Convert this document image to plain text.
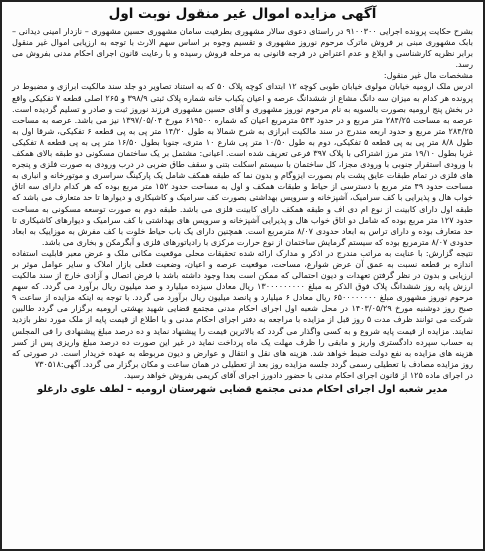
آگهی مزایده اموال غیر منقول نوبت اول

بشرح حکایت پرونده اجرایی ۹۱۰۰۳۰۰ در راستای دعوی سالار مشهوری بطرفیت سامان مشهوری حسین مشهوری – نازدار امینی دیدانی – بابک مشهوری مبنی بر فروش ماترک مرحوم نوروز مشهوری و تقسیم وجوه بر اساس سهم الارث با توجه به ارزیابی اموال غیر منقول برابر نظریه کارشناسی و ابلاغ و عدم اعتراض در فرجه قانونی به مرحله فروش رسیده و با رعایت قانون اجرای احکام مدنی بفروش می رسد.

مشخصات مال غیر منقول:

ادرس ملک ارومیه خیابان مولوی خیابان طوبی کوچه ۱۲ ابتدای کوچه پلاک ۵۰ که به استناد تصاویر دو جلد سند مالکیت ابرازی و مضبوط در پرونده هر کدام به میزان سه دانگ مشاع از ششدانگ عرصه و اعیان یکباب خانه شماره پلاک ثبتی ۳۹۸/۹ و ۲۶۵ اصلی قطعه ۷ تفکیکی واقع در بخش پنج ارومیه بصورت بالسویه به نام مرحوم نوروز مشهوری و آقای حسین مشهوری فرزند نوروز ثبت و صادر و تسلیم گردیده است. عرصه به مساحت ۲۸۴/۲۵ متر مربع و در حدود ۵۴۳ مترمربع اعیان که شماره ۶۱۹۵۰۰ مورخ ۱۳۹۷/۰۵/۰۴ نیز می باشد. عرصه به مساحت ۲۸۴/۲۵ متر مربع و حدود اربعه مندرج در سند مالکیت ابرازی به شرح شمالا به طول ۱۴/۲۰ متر پی به پی قطعه ۶ تفکیکی، شرقا اول به طول ۸/۸ متر پی به پی قطعه ۵ تفکیکی، دوم به طول ۱۰/۵۰ متر پی شارع ۱۰ متری، جنوبا بطول ۱۶/۵۰ متر پی به پی قطعه ۸ تفکیکی غربا بطول ۱۹/۱۰ متر مرز اشتراکی با پلاک ۳۹۷ فرعی تعریف شده است. اعیانی: مشتمل بر یک ساختمان مسکونی دو طبقه بالای همکف با ورودی استقرار جنوبی با ورودی مجزا، کل ساختمان با سیستم اسکلت بتنی و سقف طاق ضربی در درب ورودی به صورت فلزی و پنجره های فلزی در تمام طبقات عایق پشت بام بصورت ایزوگام و بدون نما که طبقه همکف شامل یک پارکینگ سراسری و موتورخانه و انباری به مساحت حدود ۴۹ متر مربع با دسترسی از حیاط و طبقات همکف و اول به مساحت حدود ۱۵۲ متر مربع بوده که هر کدام دارای سه اتاق خواب هال و پذیرایی با کف سرامیک، آشپزخانه و سرویس بهداشتی بصورت کف سرامیک و کاشیکاری و دیوارها تا حد متعارف می باشد که طبقه اول دارای کابینت از نوع ام دی اف و طبقه همکف دارای کابینت فلزی می باشد. طبقه دوم به صورت توسعه مسکونی به مساحت حدود ۱۲۷ متر مربع بوده که شامل دو اتاق خواب هال و پذیرایی آشپزخانه و سرویس های بهداشتی با کف سرامیک و دیوارهای کاشیکاری تا حد متعارف بوده و دارای تراس به ابعاد حدودی ۸/۰۷ مترمربع است. همچنین دارای یک باب حیاط خلوت با کف مفرش به موزاییک به ابعاد حدودی ۸/۰۷ مترمربع بوده که سیستم گرمایش ساختمان از نوع حرارت مرکزی با رادیاتورهای فلزی و آبگرمکن و بخاری می باشد.

نتیجه گزارش: با عنایت به مراتب مندرج در اذکر و مدارک ارائه شده تحقیقات محلی موقعیت مکانی ملک و عرض معبر قابلیت استفاده اندازه بر قطعه نسبت به عمق آن عرض شوارع، مساحت، موقعیت عرصه و اعیان، وضعیت فعلی بازار املاک و سایر عوامل موثر بر ارزیابی و بدون در نظر گرفتن تعهدات و دیون احتمالی که ممکن است بعدا وجود داشته باشد با فرض اتصال و آزادی خارج از سند مالکیت ارزش پایه روز ششدانگ پلاک فوق الذکر به مبلغ ۱۳۰۰۰۰۰۰۰۰۰ ریال معادل سیزده میلیارد و صد میلیون ریال برآورد می گردد. که سهم مرحوم نوروز مشهوری مبلغ ۶۵۰۰۰۰۰۰۰۰ ریال معادل ۶ میلیارد و پانصد میلیون ریال برآورد می گردد. با توجه به اینکه مزایده از ساعت ۹ صبح روز دوشنبه مورخ ۱۴۰۳/۰۵/۲۹ در محل شعبه اول اجرای احکام مدنی مجتمع قضایی شهید بهشتی ارومیه برگزار می گردد طالبین شرکت می توانند ظرف مدت ۵ روز قبل از مزایده با مراجعه به دفتر اجرای احکام مدنی و با اطلاع از قیمت پایه از ملک مورد نظر بازدید نمایند. مزایده از قیمت پایه شروع و به کسی واگذار می گردد که بالاترین قیمت را پیشنهاد نماید و ده درصد مبلغ پیشنهادی را فی المجلس به حساب سپرده دادگستری واریز و مابقی را ظرف مهلت یک ماه پرداخت نماید در غیر این صورت ده درصد مبلغ واریزی پس از کسر هزینه های مزایده به نفع دولت ضبط خواهد شد. هزینه های نقل و انتقال و عوارض و دیون مربوطه به عهده خریدار است. در صورتی که روز مزایده مصادف با تعطیلی رسمی گردد جلسه مزایده روز بعد از تعطیلی در همان ساعت و مکان برگزار می گردد. آگهی:۷۳۰۵۱۸

در اجرای ماده ۱۲۵ از قانون اجرای احکام مدنی با حضور دادورز اجرای آقای کریمی بفروش خواهد رسید.

مدیر شعبه اول اجرای احکام مدنی مجتمع قضایی شهرستان ارومیه – لطف علوی دارغلو
